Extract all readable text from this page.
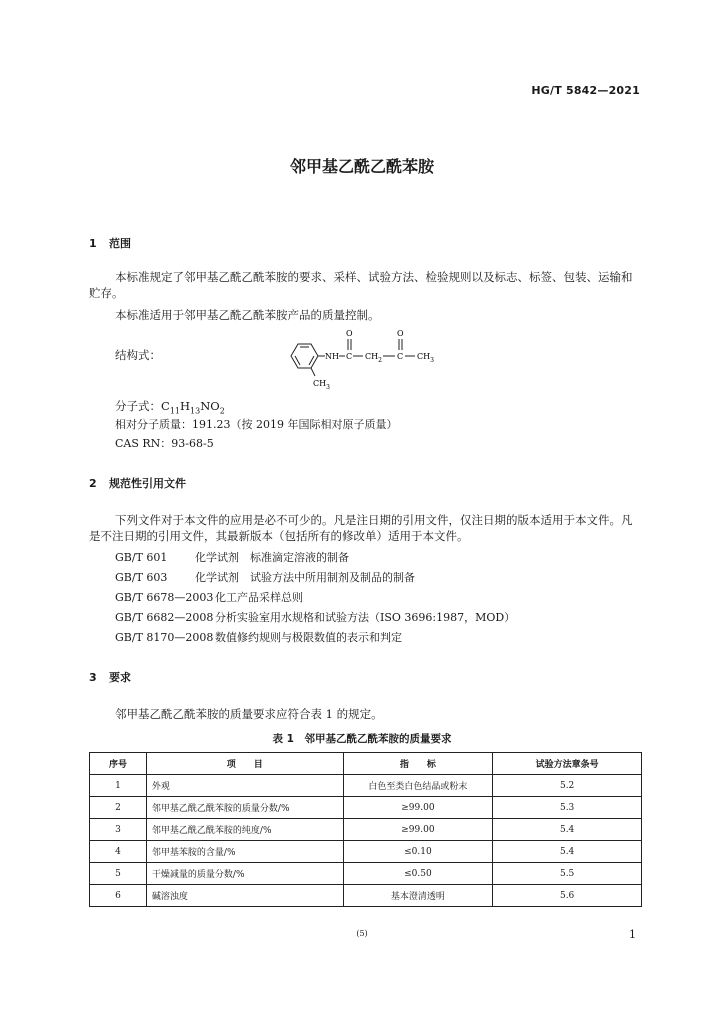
HG/T 5842—2021
邻甲基乙酰乙酰苯胺
1 范围
本标准规定了邻甲基乙酰乙酰苯胺的要求、采样、试验方法、检验规则以及标志、标签、包装、运输和贮存。
本标准适用于邻甲基乙酰乙酰苯胺产品的质量控制。
结构式：	NH C
O
$CH_2$ C
O
$CH_3$
$CH_3$
分子式：$C_{11}H_{13}NO_2$
相对分子质量：191.23（按 2019 年国际相对原子质量）
CAS RN：93-68-5
2 规范性引用文件
下列文件对于本文件的应用是必不可少的。凡是注日期的引用文件，仅注日期的版本适用于本文件。凡是不注日期的引用文件，其最新版本（包括所有的修改单）适用于本文件。
GB/T 601	化学试剂　标准滴定溶液的制备
GB/T 603	化学试剂　试验方法中所用制剂及制品的制备
GB/T 6678—2003 化工产品采样总则
GB/T 6682—2008 分析实验室用水规格和试验方法（ISO 3696:1987，MOD）
GB/T 8170—2008 数值修约规则与极限数值的表示和判定
3 要求
邻甲基乙酰乙酰苯胺的质量要求应符合表 1 的规定。
表 1　邻甲基乙酰乙酰苯胺的质量要求
序号	项　　目	指　　标	试验方法章条号
1	外观	白色至类白色结晶或粉末	5.2
2	邻甲基乙酰乙酰苯胺的质量分数/%	≥99.00	5.3
3	邻甲基乙酰乙酰苯胺的纯度/%	≥99.00	5.4
4	邻甲基苯胺的含量/%	≤0.10	5.4
5	干燥减量的质量分数/%	≤0.50	5.5
6	碱溶浊度	基本澄清透明	5.6
(5)	1
